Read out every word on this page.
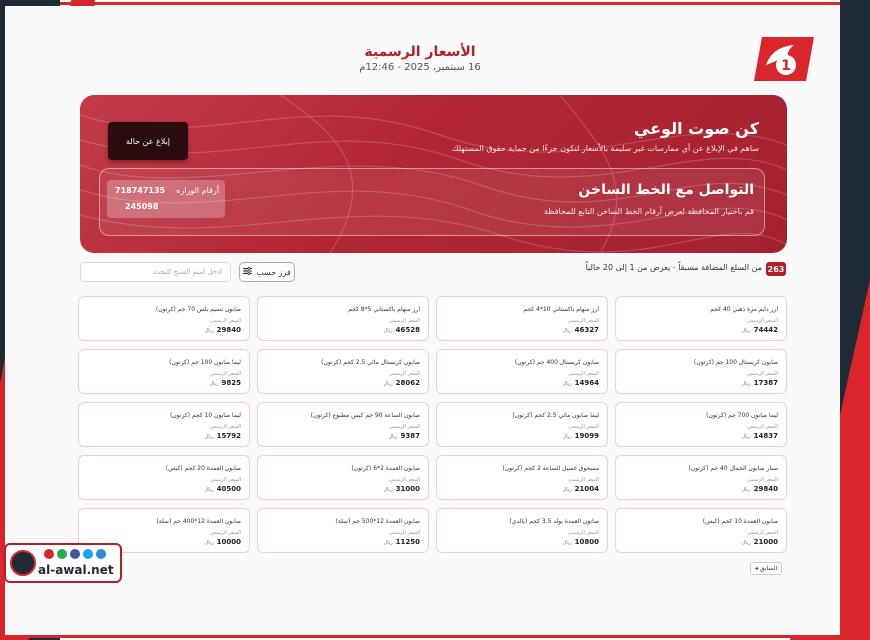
1
الأسعار الرسمية
16 سبتمبر، 2025 - 12:46م
كن صوت الوعي
ساهم في الإبلاغ عن أي ممارسات غير سليمة بالأسعار لتكون جزءًا من حماية حقوق المستهلك
إبلاغ عن حالة
التواصل مع الخط الساخن
قم باختيار المحافظة لعرض أرقام الخط الساخن التابع للمحافظة
أرقام الوزاره
718747135
245098
263
من السلع المضافة مسبقاً - يعرض من 1 إلى 20 حالياً
فرز حسب
أدخل اسم المنتج للبحث
أرز دايم مزة ذهبي 40 كجم
السعر الرسمي
74442
ريال
أرز سهام باكستاني 10*4 كجم
السعر الرسمي
46327
ريال
أرز سهام باكستاني 5*8 كجم
السعر الرسمي
46528
ريال
صابون نسيم بلس 70 جم (كرتون)
السعر الرسمي
29840
ريال
صابون كريستال 100 جم (كرتون)
السعر الرسمي
17387
ريال
صابون كريستال 400 جم (كرتون)
السعر الرسمي
14964
ريال
صابون كريستال مائي 2.5 كجم (كرتون)
السعر الرسمي
28062
ريال
ليما صابون 100 جم (كرتون)
السعر الرسمي
9825
ريال
ليما صابون 700 جم (كرتون)
السعر الرسمي
14837
ريال
ليما صابون مائي 2.5 كجم (كرتون)
السعر الرسمي
19099
ريال
صابون الساعة 90 جم كيس مطبوع (كرتون)
السعر الرسمي
9387
ريال
ليما صابون 10 كجم (كرتون)
السعر الرسمي
15792
ريال
سنار صابون الجمال 40 جم (كرتون)
السعر الرسمي
29840
ريال
مسحوق غسيل الساعة 2 كجم (كرتون)
السعر الرسمي
21004
ريال
صابون العمدة 2*6 (كرتون)
السعر الرسمي
31000
ريال
صابون العمدة 20 كجم (كيس)
السعر الرسمي
40500
ريال
صابون العمدة 10 كجم (كيس)
السعر الرسمي
21000
ريال
صابون العمدة بولد 3.5 كجم (بالدي)
السعر الرسمي
10800
ريال
صابون العمدة 12*500 جم (سلة)
السعر الرسمي
11250
ريال
صابون العمدة 12*400 جم (سلة)
السعر الرسمي
10000
ريال
السابق
◂
al-awal.net
